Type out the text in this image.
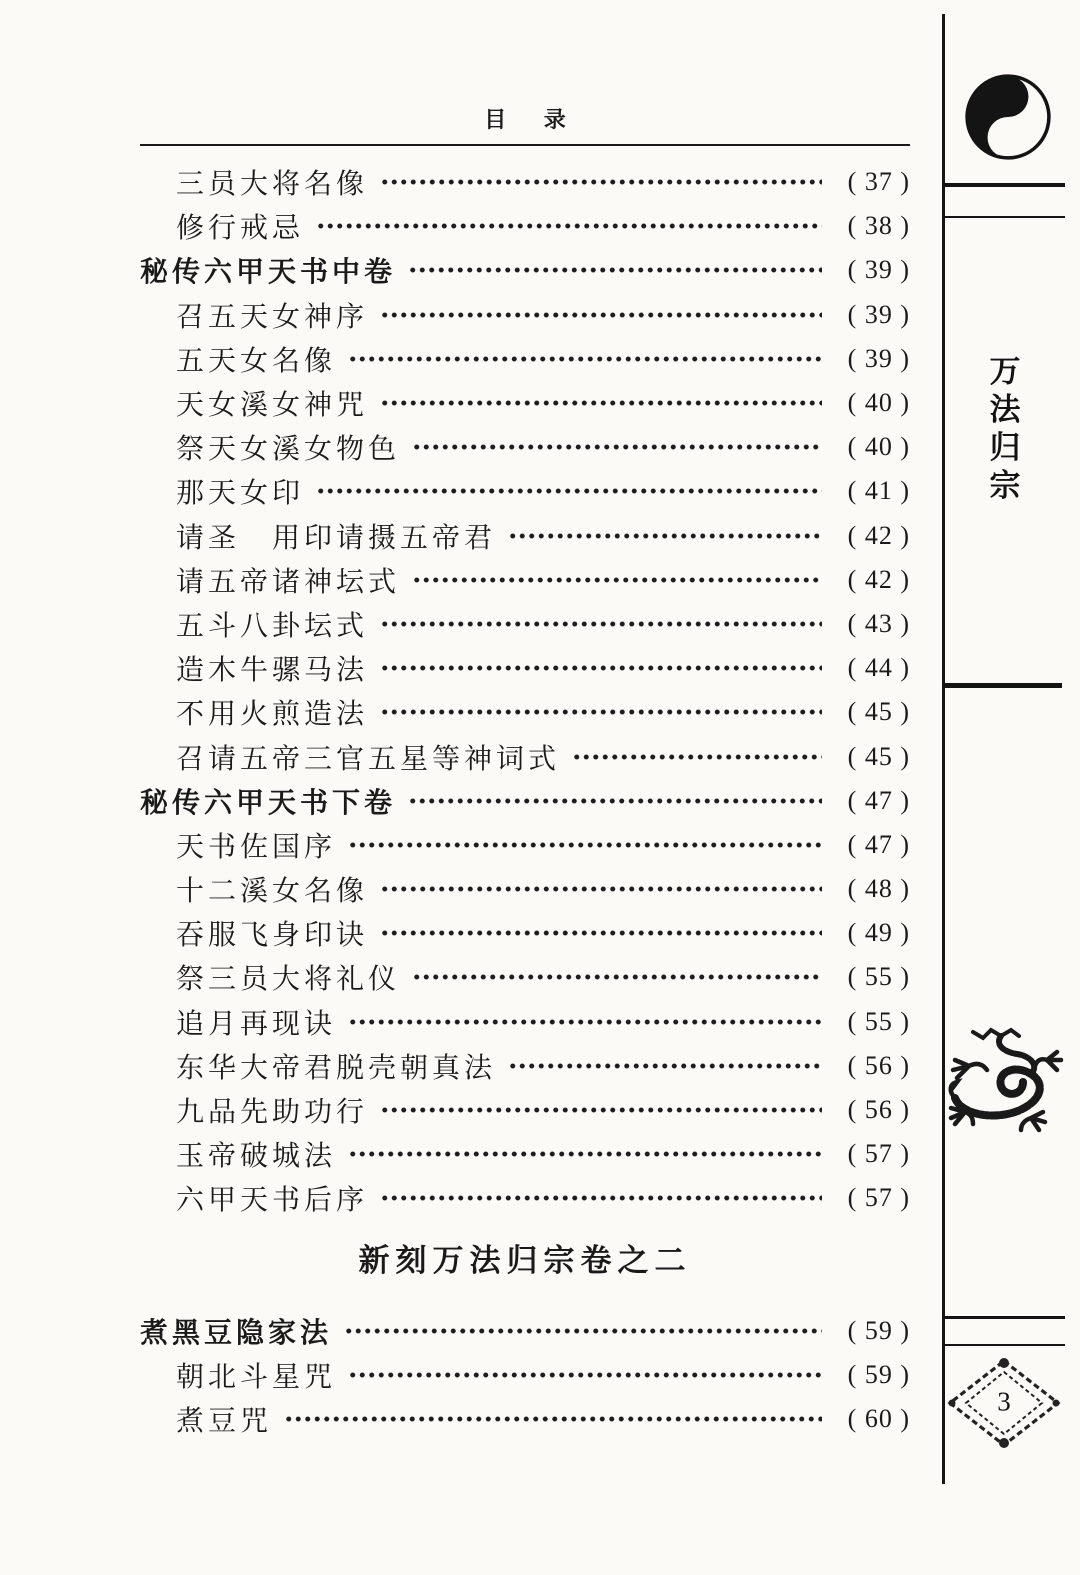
目 录
三员大将名像	( 37 )
修行戒忌	( 38 )
秘传六甲天书中卷	( 39 )
召五天女神序	( 39 )
五天女名像	( 39 )
天女溪女神咒	( 40 )
祭天女溪女物色	( 40 )
那天女印	( 41 )
请圣　用印请摄五帝君	( 42 )
请五帝诸神坛式	( 42 )
五斗八卦坛式	( 43 )
造木牛骡马法	( 44 )
不用火煎造法	( 45 )
召请五帝三官五星等神词式	( 45 )
秘传六甲天书下卷	( 47 )
天书佐国序	( 47 )
十二溪女名像	( 48 )
吞服飞身印诀	( 49 )
祭三员大将礼仪	( 55 )
追月再现诀	( 55 )
东华大帝君脱壳朝真法	( 56 )
九品先助功行	( 56 )
玉帝破城法	( 57 )
六甲天书后序	( 57 )
新刻万法归宗卷之二
煮黑豆隐家法	( 59 )
朝北斗星咒	( 59 )
煮豆咒	( 60 )
万
法
归
宗
3
